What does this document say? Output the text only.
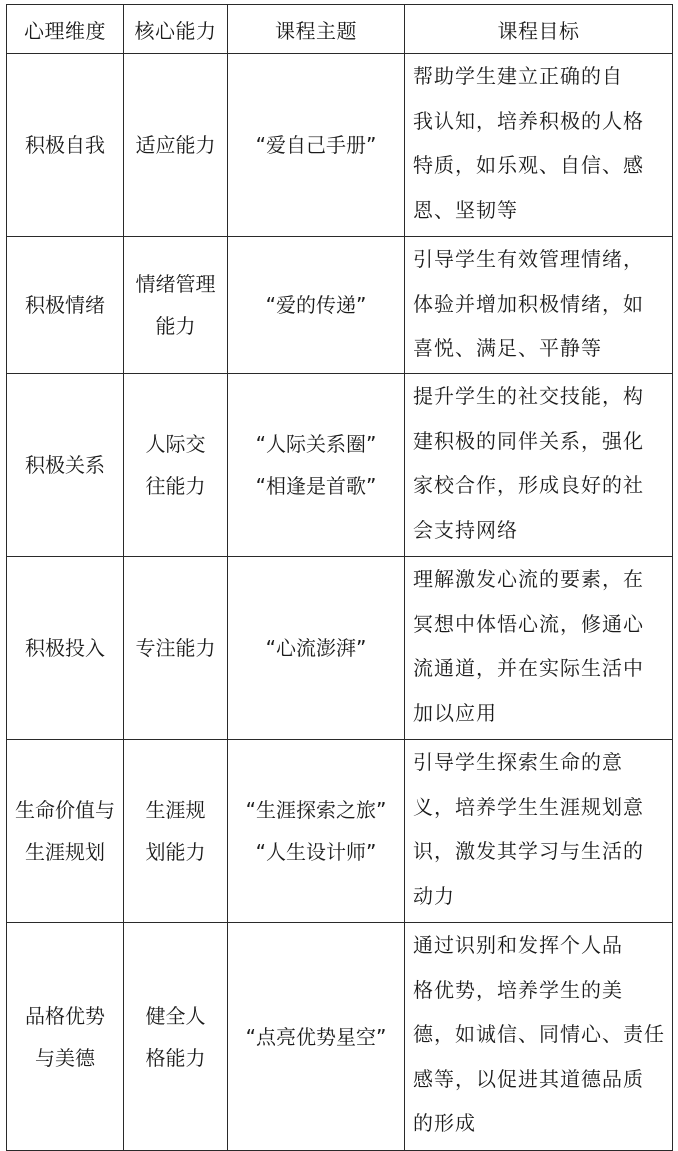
心理维度	核心能力	课程主题	课程目标

积极自我	适应能力	“爱自己手册”	帮助学生建立正确的自
我认知，培养积极的人格
特质，如乐观、自信、感
恩、坚韧等

积极情绪	情绪管理
能力	“爱的传递”	引导学生有效管理情绪，
体验并增加积极情绪，如
喜悦、满足、平静等

积极关系	人际交
往能力	“人际关系圈”
“相逢是首歌”	提升学生的社交技能，构
建积极的同伴关系，强化
家校合作，形成良好的社
会支持网络

积极投入	专注能力	“心流澎湃”	理解激发心流的要素，在
冥想中体悟心流，修通心
流通道，并在实际生活中
加以应用

生命价值与
生涯规划	生涯规
划能力	“生涯探索之旅”
“人生设计师”	引导学生探索生命的意
义，培养学生生涯规划意
识，激发其学习与生活的
动力

品格优势
与美德	健全人
格能力	“点亮优势星空”	通过识别和发挥个人品
格优势，培养学生的美
德，如诚信、同情心、责任
感等，以促进其道德品质
的形成
